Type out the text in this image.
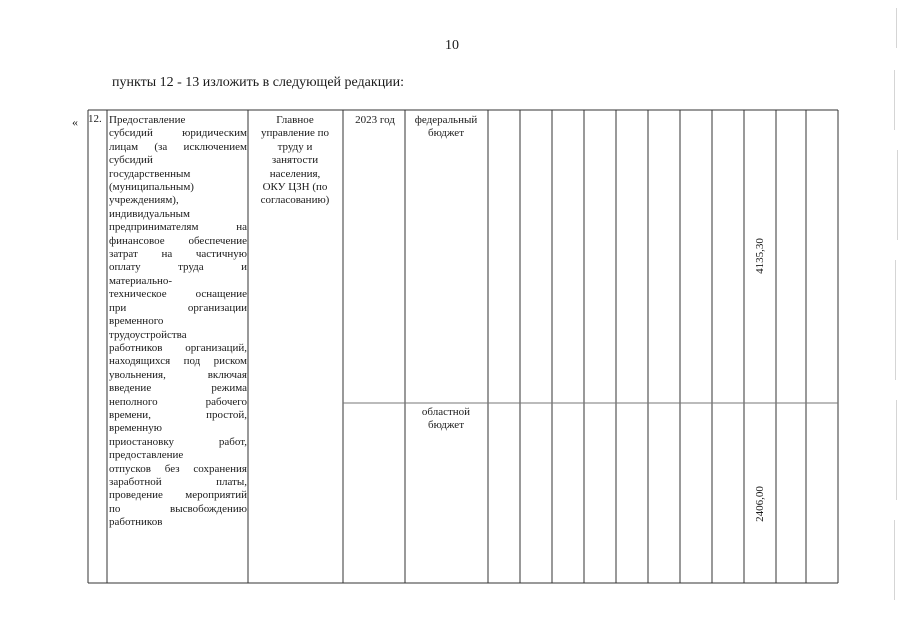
10
пункты 12 - 13 изложить в следующей редакции:
« 12. Предоставление
субсидий юридическим
лицам (за исключением
субсидий
государственным
(муниципальным)
учреждениям),
индивидуальным
предпринимателям на
финансовое обеспечение
затрат на частичную
оплату труда и
материально-
техническое оснащение
при организации
временного
трудоустройства
работников организаций,
находящихся под риском
увольнения, включая
введение режима
неполного рабочего
времени, простой,
временную
приостановку работ,
предоставление
отпусков без сохранения
заработной платы,
проведение мероприятий
по высвобождению
работников
Главное
управление по
труду и
занятости
населения,
ОКУ ЦЗН (по
согласованию)
2023 год	федеральный
бюджет
областной
бюджет
4135,30
2406,00
